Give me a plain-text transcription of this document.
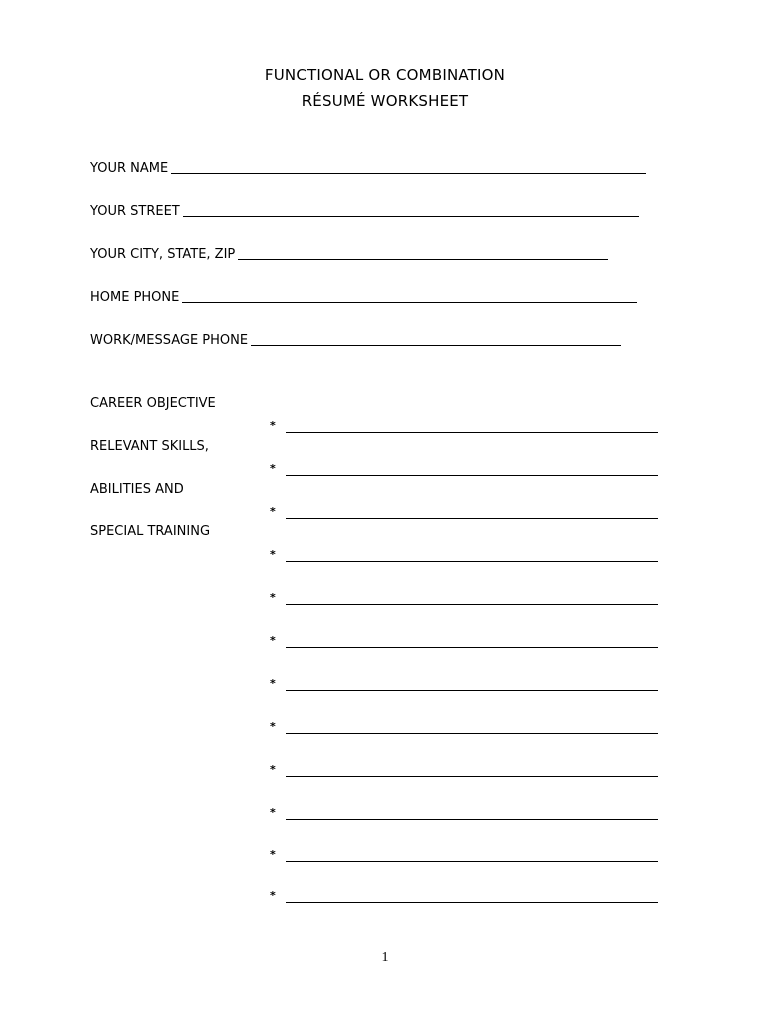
FUNCTIONAL OR COMBINATION
RÉSUMÉ WORKSHEET
YOUR NAME
YOUR STREET
YOUR CITY, STATE, ZIP
HOME PHONE
WORK/MESSAGE PHONE
CAREER OBJECTIVE
RELEVANT SKILLS,
ABILITIES AND
SPECIAL TRAINING
*
*
*
*
*
*
*
*
*
*
*
*
1
